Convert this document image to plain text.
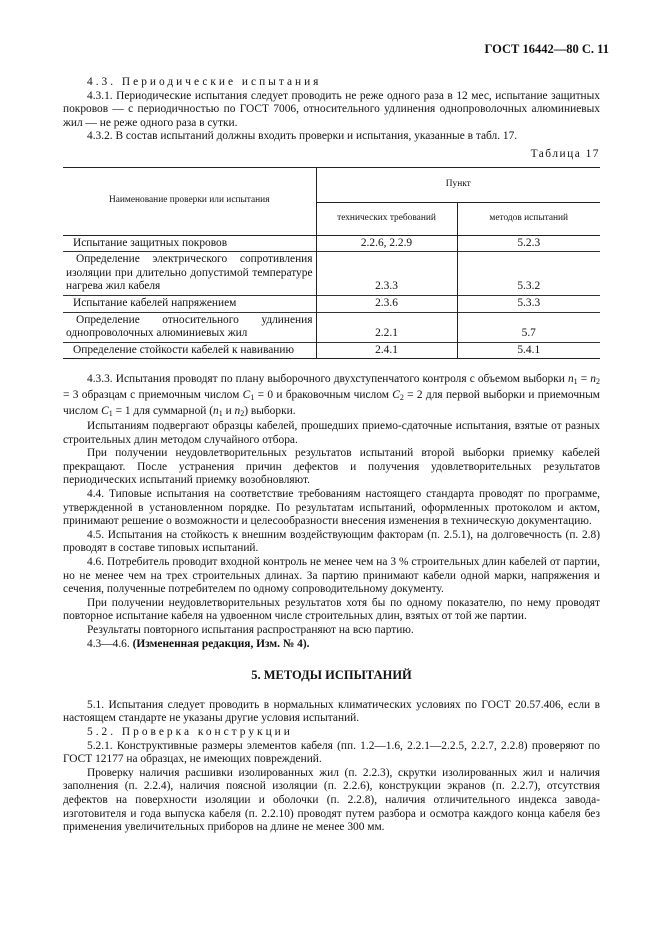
ГОСТ 16442—80 С. 11

4.3. Периодические испытания

4.3.1. Периодические испытания следует проводить не реже одного раза в 12 мес, испытание защитных покровов — с периодичностью по ГОСТ 7006, относительного удлинения однопроволочных алюминиевых жил — не реже одного раза в сутки.

4.3.2. В состав испытаний должны входить проверки и испытания, указанные в табл. 17.

Таблица 17

Наименование проверки или испытания	Пункт	
	технических требований	методов испытаний
Испытание защитных покровов	2.2.6, 2.2.9	5.2.3
Определение электрического сопротивления изоляции при длительно допустимой температуре нагрева жил кабеля	2.3.3	5.3.2
Испытание кабелей напряжением	2.3.6	5.3.3
Определение относительного удлинения однопроволочных алюминиевых жил	2.2.1	5.7
Определение стойкости кабелей к навиванию	2.4.1	5.4.1

4.3.3. Испытания проводят по плану выборочного двухступенчатого контроля с объемом выборки $n_1 = n_2 = 3$ образцам с приемочным числом $C_1 = 0$ и браковочным числом $C_2 = 2$ для первой выборки и приемочным числом $C_1 = 1$ для суммарной ($n_1$ и $n_2$) выборки.

Испытаниям подвергают образцы кабелей, прошедших приемо-сдаточные испытания, взятые от разных строительных длин методом случайного отбора.

При получении неудовлетворительных результатов испытаний второй выборки приемку кабелей прекращают. После устранения причин дефектов и получения удовлетворительных результатов периодических испытаний приемку возобновляют.

4.4. Типовые испытания на соответствие требованиям настоящего стандарта проводят по программе, утвержденной в установленном порядке. По результатам испытаний, оформленных протоколом и актом, принимают решение о возможности и целесообразности внесения изменения в техническую документацию.

4.5. Испытания на стойкость к внешним воздействующим факторам (п. 2.5.1), на долговечность (п. 2.8) проводят в составе типовых испытаний.

4.6. Потребитель проводит входной контроль не менее чем на 3 % строительных длин кабелей от партии, но не менее чем на трех строительных длинах. За партию принимают кабели одной марки, напряжения и сечения, полученные потребителем по одному сопроводительному документу.

При получении неудовлетворительных результатов хотя бы по одному показателю, по нему проводят повторное испытание кабеля на удвоенном числе строительных длин, взятых от той же партии.

Результаты повторного испытания распространяют на всю партию.

4.3—4.6. (Измененная редакция, Изм. № 4).

5. МЕТОДЫ ИСПЫТАНИЙ

5.1. Испытания следует проводить в нормальных климатических условиях по ГОСТ 20.57.406, если в настоящем стандарте не указаны другие условия испытаний.

5.2. Проверка конструкции

5.2.1. Конструктивные размеры элементов кабеля (пп. 1.2—1.6, 2.2.1—2.2.5, 2.2.7, 2.2.8) проверяют по ГОСТ 12177 на образцах, не имеющих повреждений.

Проверку наличия расшивки изолированных жил (п. 2.2.3), скрутки изолированных жил и наличия заполнения (п. 2.2.4), наличия поясной изоляции (п. 2.2.6), конструкции экранов (п. 2.2.7), отсутствия дефектов на поверхности изоляции и оболочки (п. 2.2.8), наличия отличительного индекса завода-изготовителя и года выпуска кабеля (п. 2.2.10) проводят путем разбора и осмотра каждого конца кабеля без применения увеличительных приборов на длине не менее 300 мм.
